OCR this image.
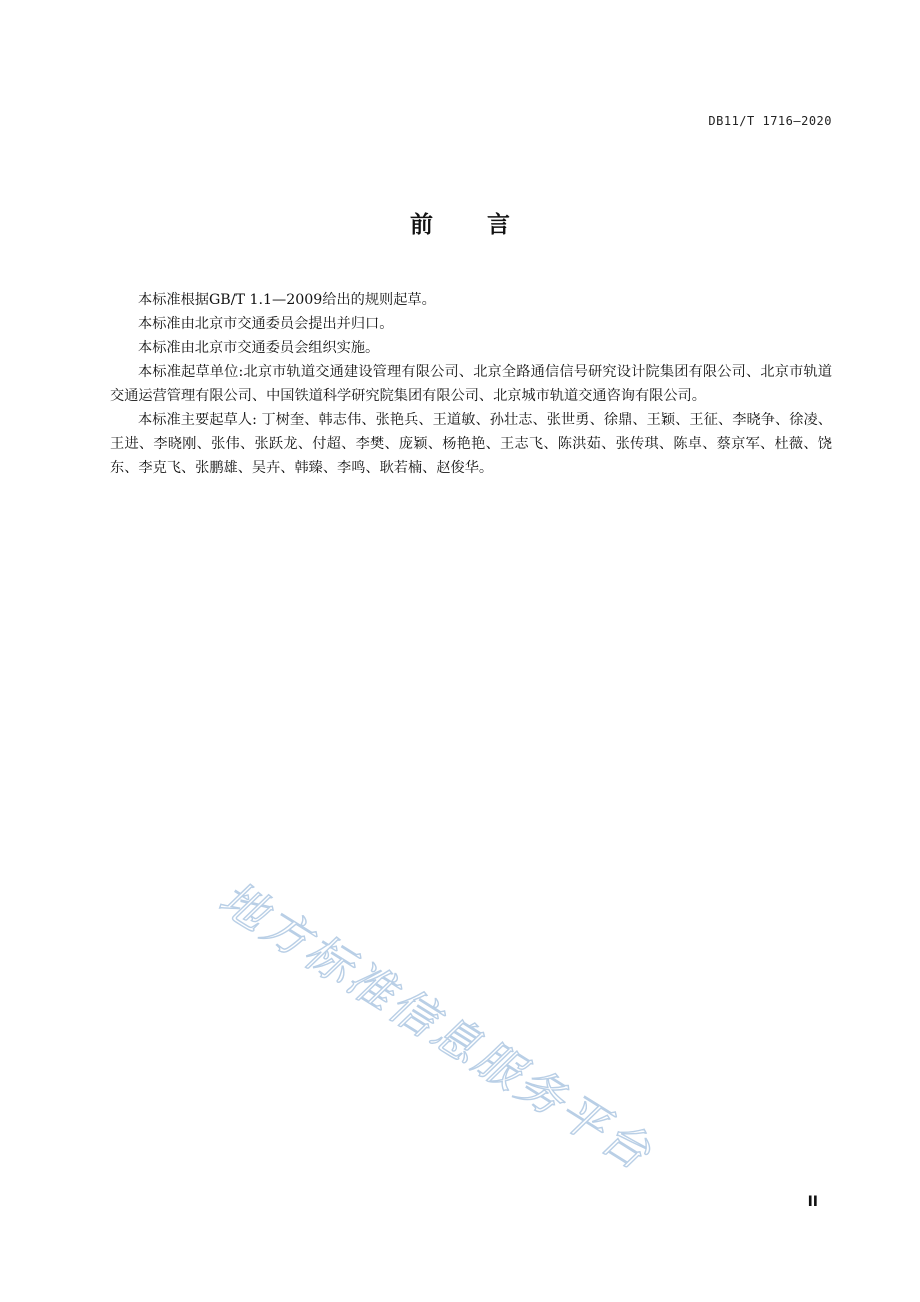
DB11/T 1716—2020
前言

本标准根据GB/T 1.1—2009给出的规则起草。

本标准由北京市交通委员会提出并归口。

本标准由北京市交通委员会组织实施。

本标准起草单位:北京市轨道交通建设管理有限公司、北京全路通信信号研究设计院集团有限公司、北京市轨道交通运营管理有限公司、中国铁道科学研究院集团有限公司、北京城市轨道交通咨询有限公司。

本标准主要起草人: 丁树奎、韩志伟、张艳兵、王道敏、孙壮志、张世勇、徐鼎、王颖、王征、李晓争、徐凌、王进、李晓刚、张伟、张跃龙、付超、李樊、庞颖、杨艳艳、王志飞、陈洪茹、张传琪、陈卓、蔡京军、杜薇、饶东、李克飞、张鹏雄、吴卉、韩臻、李鸣、耿若楠、赵俊华。

地方标准信息服务平台
II
